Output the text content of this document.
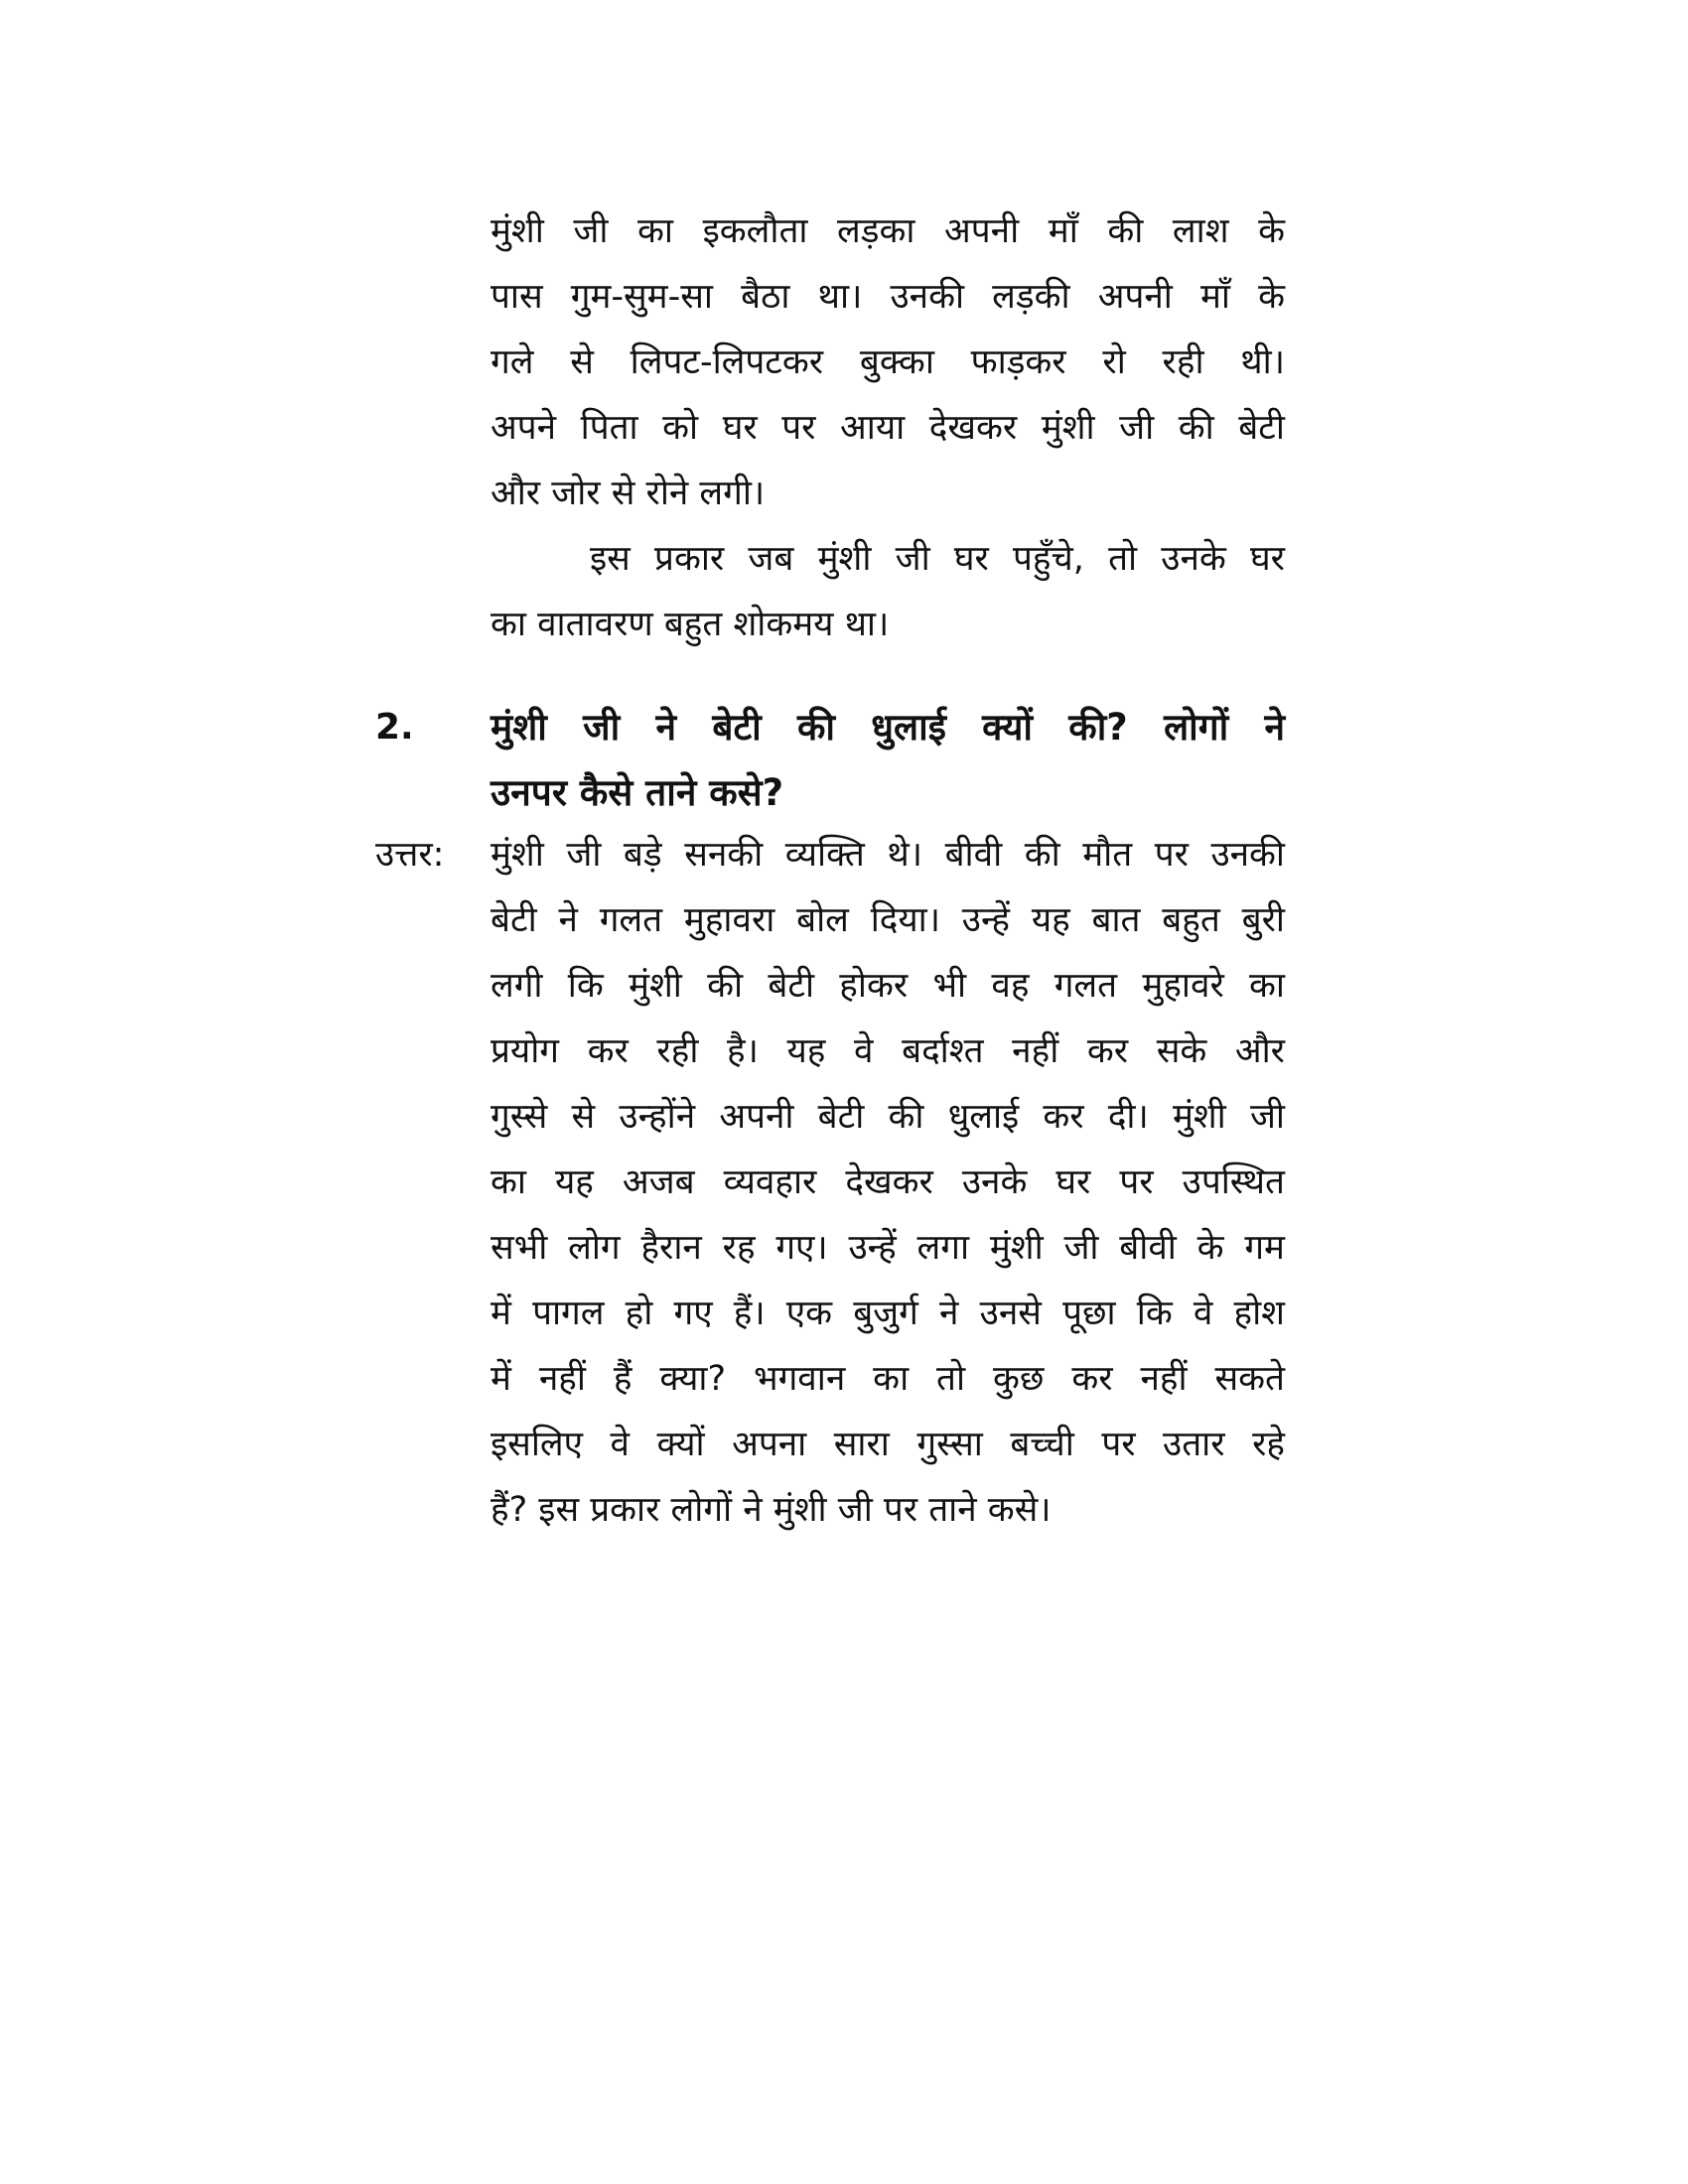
मुंशी जी का इकलौता लड़का अपनी माँ की लाश के
पास गुम-सुम-सा बैठा था। उनकी लड़की अपनी माँ के
गले से लिपट-लिपटकर बुक्का फाड़कर रो रही थी।
अपने पिता को घर पर आया देखकर मुंशी जी की बेटी
और जोर से रोने लगी।
इस प्रकार जब मुंशी जी घर पहुँचे, तो उनके घर
का वातावरण बहुत शोकमय था।
2. मुंशी जी ने बेटी की धुलाई क्यों की? लोगों ने
उनपर कैसे ताने कसे?
उत्तर: मुंशी जी बड़े सनकी व्यक्ति थे। बीवी की मौत पर उनकी
बेटी ने गलत मुहावरा बोल दिया। उन्हें यह बात बहुत बुरी
लगी कि मुंशी की बेटी होकर भी वह गलत मुहावरे का
प्रयोग कर रही है। यह वे बर्दाश्त नहीं कर सके और
गुस्से से उन्होंने अपनी बेटी की धुलाई कर दी। मुंशी जी
का यह अजब व्यवहार देखकर उनके घर पर उपस्थित
सभी लोग हैरान रह गए। उन्हें लगा मुंशी जी बीवी के गम
में पागल हो गए हैं। एक बुजुर्ग ने उनसे पूछा कि वे होश
में नहीं हैं क्या? भगवान का तो कुछ कर नहीं सकते
इसलिए वे क्यों अपना सारा गुस्सा बच्ची पर उतार रहे
हैं? इस प्रकार लोगों ने मुंशी जी पर ताने कसे।
